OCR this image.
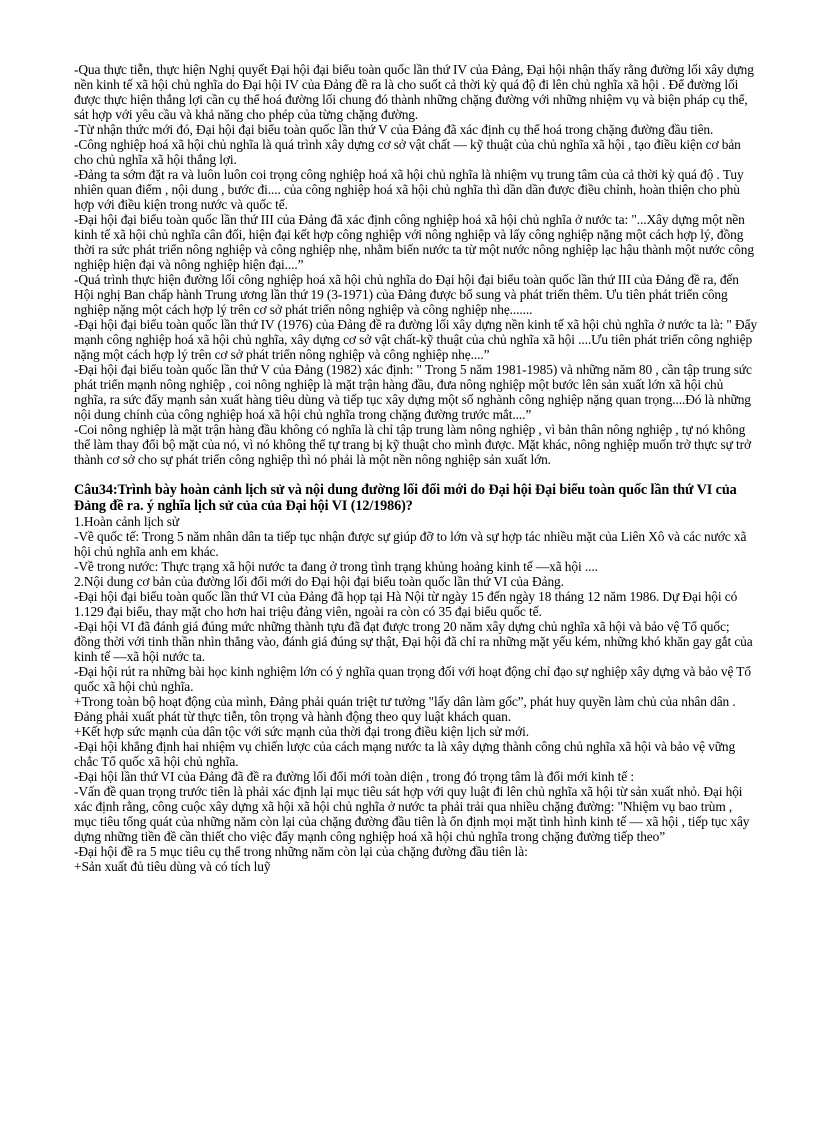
-Qua thực tiễn, thực hiện Nghị quyết Đại hội đại biểu toàn quốc lần thứ IV của Đảng, Đại hội nhận thấy rằng đường lối xây dựng nền kinh tế xã hội chủ nghĩa do Đại hội IV của Đảng đề ra là cho suốt cả thời kỳ quá độ đi lên chủ nghĩa xã hội . Để đường lối được thực hiện thắng lợi cần cụ thể hoá đường lối chung đó thành những chặng đường với những nhiệm vụ và biện pháp cụ thể, sát hợp với yêu cầu và khả năng cho phép của từng chặng đường.

-Từ nhận thức mới đó, Đại hội đại biểu toàn quốc lần thứ V của Đảng đã xác định cụ thể hoá trong chặng đường đầu tiên.

-Công nghiệp hoá xã hội chủ nghĩa là quá trình xây dựng cơ sở vật chất — kỹ thuật của chủ nghĩa xã hội , tạo điều kiện cơ bản cho chủ nghĩa xã hội thắng lợi.

-Đảng ta sớm đặt ra và luôn luôn coi trọng công nghiệp hoá xã hội chủ nghĩa là nhiệm vụ trung tâm của cả thời kỳ quá độ . Tuy nhiên quan điểm , nội dung , bước đi.... của công nghiệp hoá xã hội chủ nghĩa thì dần dần được điều chỉnh, hoàn thiện cho phù hợp với điều kiện trong nước và quốc tế.

-Đại hội đại biểu toàn quốc lần thứ III của Đảng đã xác định công nghiệp hoá xã hội chủ nghĩa ở nước ta: "...Xây dựng một nền kinh tế xã hội chủ nghĩa cân đối, hiện đại kết hợp công nghiệp với nông nghiệp và lấy công nghiệp nặng một cách hợp lý, đồng thời ra sức phát triển nông nghiệp và công nghiệp nhẹ, nhằm biến nước ta từ một nước nông nghiệp lạc hậu thành một nước công nghiệp hiện đại và nông nghiệp hiện đại....”

-Quá trình thực hiện đường lối công nghiệp hoá xã hội chủ nghĩa do Đại hội đại biểu toàn quốc lần thứ III của Đảng đề ra, đến Hội nghị Ban chấp hành Trung ương lần thứ 19 (3-1971) của Đảng được bổ sung và phát triển thêm. Ưu tiên phát triển công nghiệp nặng một cách hợp lý trên cơ sở phát triển nông nghiệp và công nghiệp nhẹ.......

-Đại hội đại biểu toàn quốc lần thứ IV (1976) của Đảng đề ra đường lối xây dựng nền kinh tế xã hội chủ nghĩa ở nước ta là: " Đẩy mạnh công nghiệp hoá xã hội chủ nghĩa, xây dựng cơ sở vật chất-kỹ thuật của chủ nghĩa xã hội ....Ưu tiên phát triển công nghiệp nặng một cách hợp lý trên cơ sở phát triển nông nghiệp và công nghiệp nhẹ....”

-Đại hội đại biểu toàn quốc lần thứ V của Đảng (1982) xác định: " Trong 5 năm 1981-1985) và những năm 80 , cần tập trung sức phát triển mạnh nông nghiệp , coi nông nghiệp là mặt trận hàng đầu, đưa nông nghiệp một bước lên sản xuất lớn xã hội chủ nghĩa, ra sức đẩy mạnh sản xuất hàng tiêu dùng và tiếp tục xây dựng một số nghành công nghiệp nặng quan trọng....Đó là những nội dung chính của công nghiệp hoá xã hội chủ nghĩa trong chặng đường trước mắt....”

-Coi nông nghiệp là mặt trận hàng đầu không có nghĩa là chỉ tập trung làm nông nghiệp , vì bản thân nông nghiệp , tự nó không thể làm thay đổi bộ mặt của nó, vì nó không thể tự trang bị kỹ thuật cho mình được. Mặt khác, nông nghiệp muốn trở thực sự trở thành cơ sở cho sự phát triển công nghiệp thì nó phải là một nền nông nghiệp sản xuất lớn.

Câu34:Trình bày hoàn cảnh lịch sử và nội dung đường lối đổi mới do Đại hội Đại biểu toàn quốc lần thứ VI của Đảng đề ra. ý nghĩa lịch sử của của Đại hội VI (12/1986)?

1.Hoàn cảnh lịch sử

-Về quốc tế: Trong 5 năm nhân dân ta tiếp tục nhận được sự giúp đỡ to lớn và sự hợp tác nhiều mặt của Liên Xô và các nước xã hội chủ nghĩa anh em khác.

-Về trong nước: Thực trạng xã hội nước ta đang ở trong tình trạng khủng hoảng kinh tế —xã hội ....

2.Nội dung cơ bản của đường lối đổi mới do Đại hội đại biểu toàn quốc lần thứ VI của Đảng.

-Đại hội đại biểu toàn quốc lần thứ VI của Đảng đã họp tại Hà Nội từ ngày 15 đến ngày 18 tháng 12 năm 1986. Dự Đại hội có 1.129 đại biểu, thay mặt cho hơn hai triệu đảng viên, ngoài ra còn có 35 đại biểu quốc tế.

-Đại hội VI đã đánh giá đúng mức những thành tựu đã đạt được trong 20 năm xây dựng chủ nghĩa xã hội và bảo vệ Tổ quốc; đồng thời với tinh thần nhìn thẳng vào, đánh giá đúng sự thật, Đại hội đã chỉ ra những mặt yếu kém, những khó khăn gay gắt của kinh tế —xã hội nước ta.

-Đại hội rút ra những bài học kinh nghiệm lớn có ý nghĩa quan trọng đối với hoạt động chỉ đạo sự nghiệp xây dựng và bảo vệ Tổ quốc xã hội chủ nghĩa.

+Trong toàn bộ hoạt động của mình, Đảng phải quán triệt tư tưởng "lấy dân làm gốc”, phát huy quyền làm chủ của nhân dân .

Đảng phải xuất phát từ thực tiễn, tôn trọng và hành động theo quy luật khách quan.

+Kết hợp sức mạnh của dân tộc với sức mạnh của thời đại trong điều kiện lịch sử mới.

-Đại hội khẳng định hai nhiệm vụ chiến lược của cách mạng nước ta là xây dựng thành công chủ nghĩa xã hội và bảo vệ vững chắc Tổ quốc xã hội chủ nghĩa.

-Đại hội lần thứ VI của Đảng đã đề ra đường lối đổi mới toàn diện , trong đó trọng tâm là đổi mới kinh tế :

-Vấn đề quan trọng trước tiên là phải xác định lại mục tiêu sát hợp với quy luật đi lên chủ nghĩa xã hội từ sản xuất nhỏ. Đại hội xác định rằng, công cuộc xây dựng xã hội xã hội chủ nghĩa ở nước ta phải trải qua nhiều chặng đường: "Nhiệm vụ bao trùm , mục tiêu tổng quát của những năm còn lại của chặng đường đầu tiên là ổn định mọi mặt tình hình kinh tế — xã hội , tiếp tục xây dựng những tiền đề cần thiết cho việc đẩy mạnh công nghiệp hoá xã hội chủ nghĩa trong chặng đường tiếp theo”

-Đại hội đề ra 5 mục tiêu cụ thể trong những năm còn lại của chặng đường đầu tiên là:

+Sản xuất đủ tiêu dùng và có tích luỹ
